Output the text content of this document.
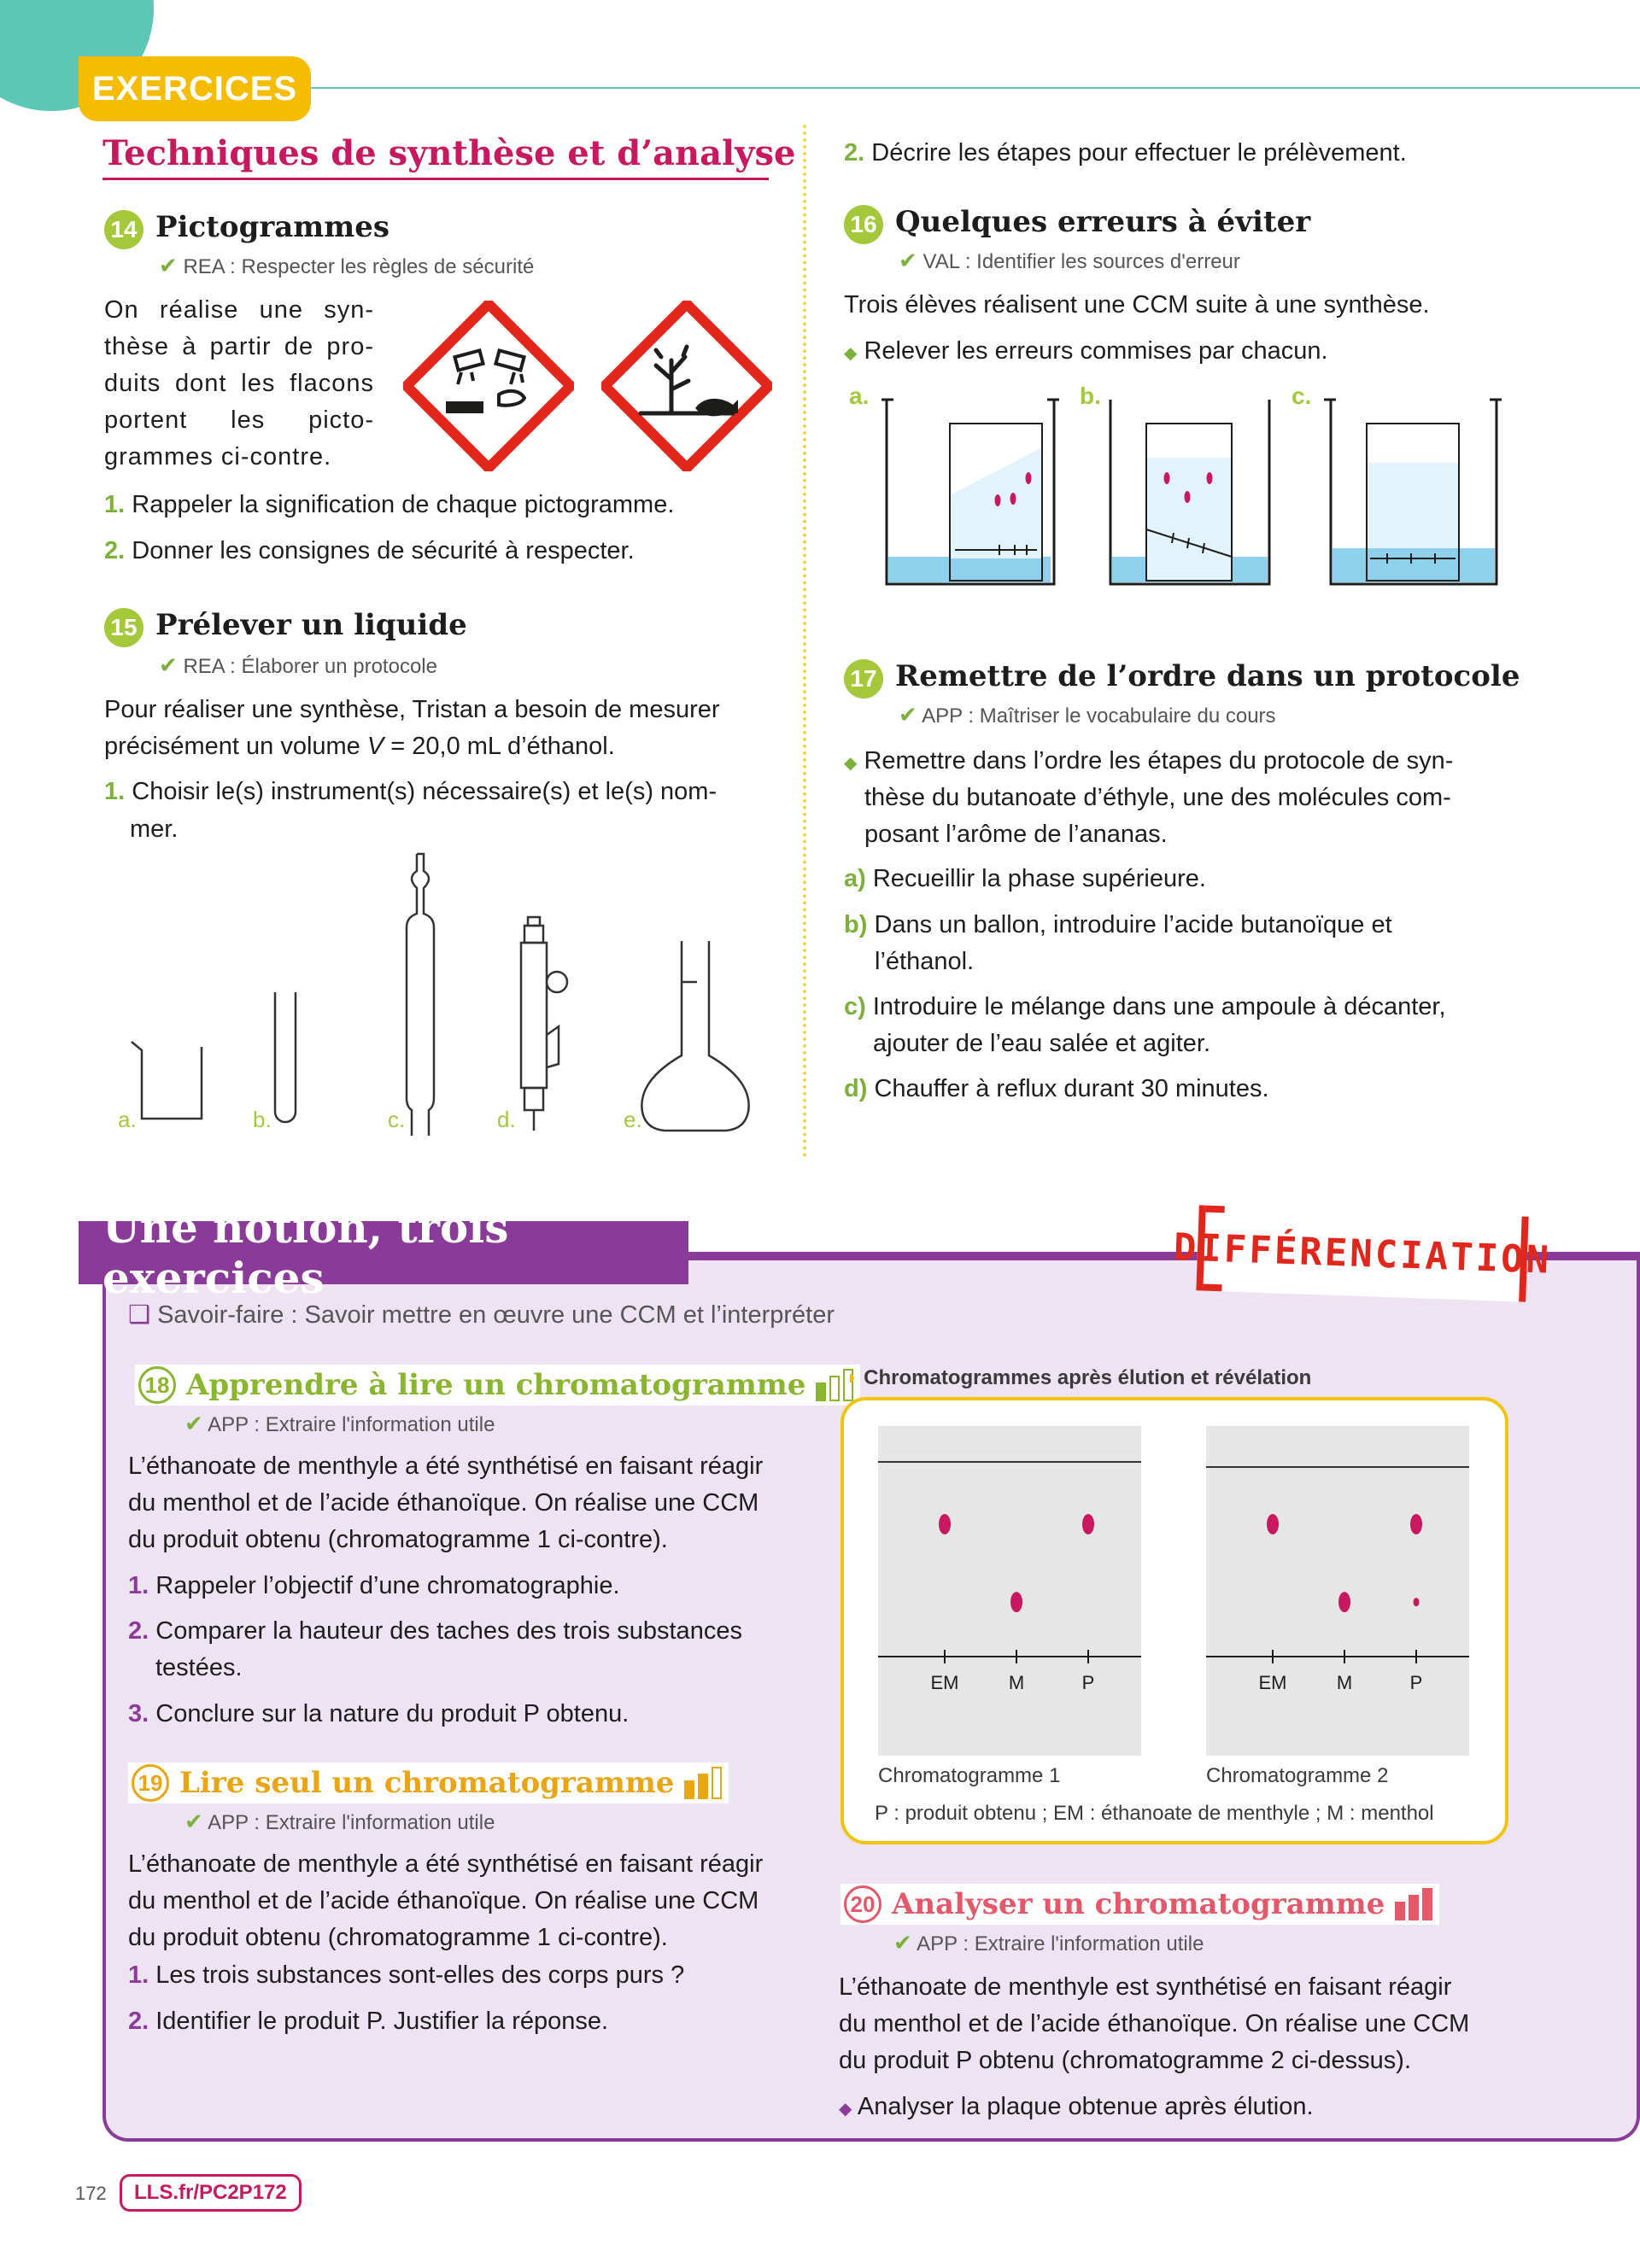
EXERCICES
Techniques de synthèse et d’analyse
14 Pictogrammes
✔ REA : Respecter les règles de sécurité
On réalise une syn-
thèse à partir de pro-
duits dont les flacons
portent les picto-
grammes ci-contre.
1. Rappeler la signification de chaque pictogramme.
2. Donner les consignes de sécurité à respecter.
15 Prélever un liquide
✔ REA : Élaborer un protocole
Pour réaliser une synthèse, Tristan a besoin de mesurer
précisément un volume V = 20,0 mL d’éthanol.
1. Choisir le(s) instrument(s) nécessaire(s) et le(s) nom-
mer.
a.	b.	c.	d.	e.
2. Décrire les étapes pour effectuer le prélèvement.
16 Quelques erreurs à éviter
✔ VAL : Identifier les sources d'erreur
Trois élèves réalisent une CCM suite à une synthèse.
◆ Relever les erreurs commises par chacun.
a.	b.	c.
17 Remettre de l’ordre dans un protocole
✔ APP : Maîtriser le vocabulaire du cours
◆ Remettre dans l’ordre les étapes du protocole de syn-
thèse du butanoate d’éthyle, une des molécules com-
posant l’arôme de l’ananas.
a) Recueillir la phase supérieure.
b) Dans un ballon, introduire l’acide butanoïque et
l’éthanol.
c) Introduire le mélange dans une ampoule à décanter,
ajouter de l’eau salée et agiter.
d) Chauffer à reflux durant 30 minutes.
Une notion, trois exercices	DIFFÉRENCIATION
❑ Savoir-faire : Savoir mettre en œuvre une CCM et l’interpréter
18 Apprendre à lire un chromatogramme
✔ APP : Extraire l'information utile
L’éthanoate de menthyle a été synthétisé en faisant réagir
du menthol et de l’acide éthanoïque. On réalise une CCM
du produit obtenu (chromatogramme 1 ci-contre).
1. Rappeler l’objectif d’une chromatographie.
2. Comparer la hauteur des taches des trois substances
testées.
3. Conclure sur la nature du produit P obtenu.
19 Lire seul un chromatogramme
✔ APP : Extraire l'information utile
L’éthanoate de menthyle a été synthétisé en faisant réagir
du menthol et de l’acide éthanoïque. On réalise une CCM
du produit obtenu (chromatogramme 1 ci-contre).
1. Les trois substances sont-elles des corps purs ?
2. Identifier le produit P. Justifier la réponse.
◗ Chromatogrammes après élution et révélation
EM	M	P	EM	M	P
Chromatogramme 1	Chromatogramme 2
P : produit obtenu ; EM : éthanoate de menthyle ; M : menthol
20 Analyser un chromatogramme
✔ APP : Extraire l'information utile
L’éthanoate de menthyle est synthétisé en faisant réagir
du menthol et de l’acide éthanoïque. On réalise une CCM
du produit P obtenu (chromatogramme 2 ci-dessus).
◆ Analyser la plaque obtenue après élution.
172	LLS.fr/PC2P172
